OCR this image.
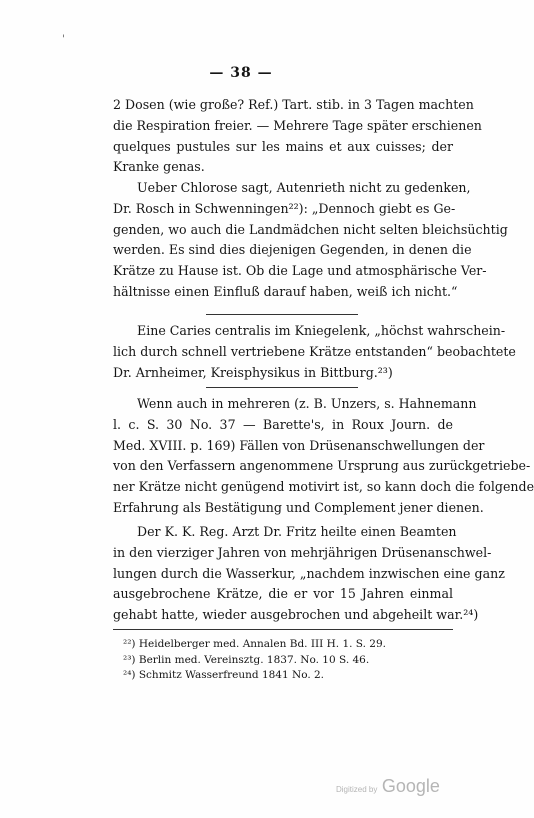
'
— 38 —
2 Dosen (wie große? Ref.) Tart. stib. in 3 Tagen machten
die Respiration freier. — Mehrere Tage später erschienen
quelques pustules sur les mains et aux cuisses; der
Kranke genas.
Ueber Chlorose sagt, Autenrieth nicht zu gedenken,
Dr. Rosch in Schwenningen²²): „Dennoch giebt es Ge-
genden, wo auch die Landmädchen nicht selten bleichsüchtig
werden. Es sind dies diejenigen Gegenden, in denen die
Krätze zu Hause ist. Ob die Lage und atmosphärische Ver-
hältnisse einen Einfluß darauf haben, weiß ich nicht.“
Eine Caries centralis im Kniegelenk, „höchst wahrschein-
lich durch schnell vertriebene Krätze entstanden“ beobachtete
Dr. Arnheimer, Kreisphysikus in Bittburg.²³)
Wenn auch in mehreren (z. B. Unzers, s. Hahnemann
l. c. S. 30 No. 37 — Barette's, in Roux Journ. de
Med. XVIII. p. 169) Fällen von Drüsenanschwellungen der
von den Verfassern angenommene Ursprung aus zurückgetriebe-
ner Krätze nicht genügend motivirt ist, so kann doch die folgende
Erfahrung als Bestätigung und Complement jener dienen.
Der K. K. Reg. Arzt Dr. Fritz heilte einen Beamten
in den vierziger Jahren von mehrjährigen Drüsenanschwel-
lungen durch die Wasserkur, „nachdem inzwischen eine ganz
ausgebrochene Krätze, die er vor 15 Jahren einmal
gehabt hatte, wieder ausgebrochen und abgeheilt war.²⁴)
²²) Heidelberger med. Annalen Bd. III H. 1. S. 29.
²³) Berlin med. Vereinsztg. 1837. No. 10 S. 46.
²⁴) Schmitz Wasserfreund 1841 No. 2.
Digitized by Google
